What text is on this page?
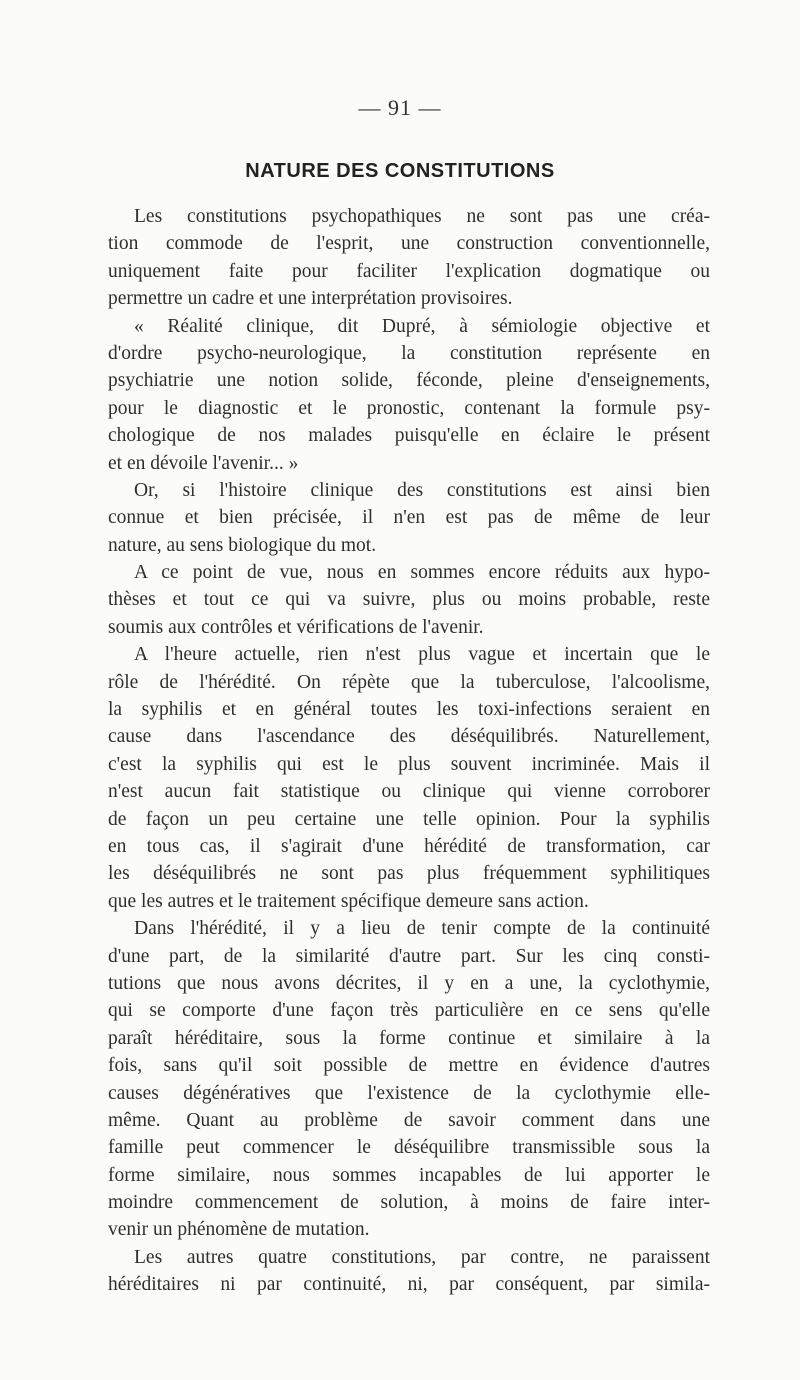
— 91 —
NATURE DES CONSTITUTIONS
Les constitutions psychopathiques ne sont pas une créa-
tion commode de l'esprit, une construction conventionnelle,
uniquement faite pour faciliter l'explication dogmatique ou
permettre un cadre et une interprétation provisoires.
« Réalité clinique, dit Dupré, à sémiologie objective et
d'ordre psycho-neurologique, la constitution représente en
psychiatrie une notion solide, féconde, pleine d'enseignements,
pour le diagnostic et le pronostic, contenant la formule psy-
chologique de nos malades puisqu'elle en éclaire le présent
et en dévoile l'avenir... »
Or, si l'histoire clinique des constitutions est ainsi bien
connue et bien précisée, il n'en est pas de même de leur
nature, au sens biologique du mot.
A ce point de vue, nous en sommes encore réduits aux hypo-
thèses et tout ce qui va suivre, plus ou moins probable, reste
soumis aux contrôles et vérifications de l'avenir.
A l'heure actuelle, rien n'est plus vague et incertain que le
rôle de l'hérédité. On répète que la tuberculose, l'alcoolisme,
la syphilis et en général toutes les toxi-infections seraient en
cause dans l'ascendance des déséquilibrés. Naturellement,
c'est la syphilis qui est le plus souvent incriminée. Mais il
n'est aucun fait statistique ou clinique qui vienne corroborer
de façon un peu certaine une telle opinion. Pour la syphilis
en tous cas, il s'agirait d'une hérédité de transformation, car
les déséquilibrés ne sont pas plus fréquemment syphilitiques
que les autres et le traitement spécifique demeure sans action.
Dans l'hérédité, il y a lieu de tenir compte de la continuité
d'une part, de la similarité d'autre part. Sur les cinq consti-
tutions que nous avons décrites, il y en a une, la cyclothymie,
qui se comporte d'une façon très particulière en ce sens qu'elle
paraît héréditaire, sous la forme continue et similaire à la
fois, sans qu'il soit possible de mettre en évidence d'autres
causes dégénératives que l'existence de la cyclothymie elle-
même. Quant au problème de savoir comment dans une
famille peut commencer le déséquilibre transmissible sous la
forme similaire, nous sommes incapables de lui apporter le
moindre commencement de solution, à moins de faire inter-
venir un phénomène de mutation.
Les autres quatre constitutions, par contre, ne paraissent
héréditaires ni par continuité, ni, par conséquent, par simila-
